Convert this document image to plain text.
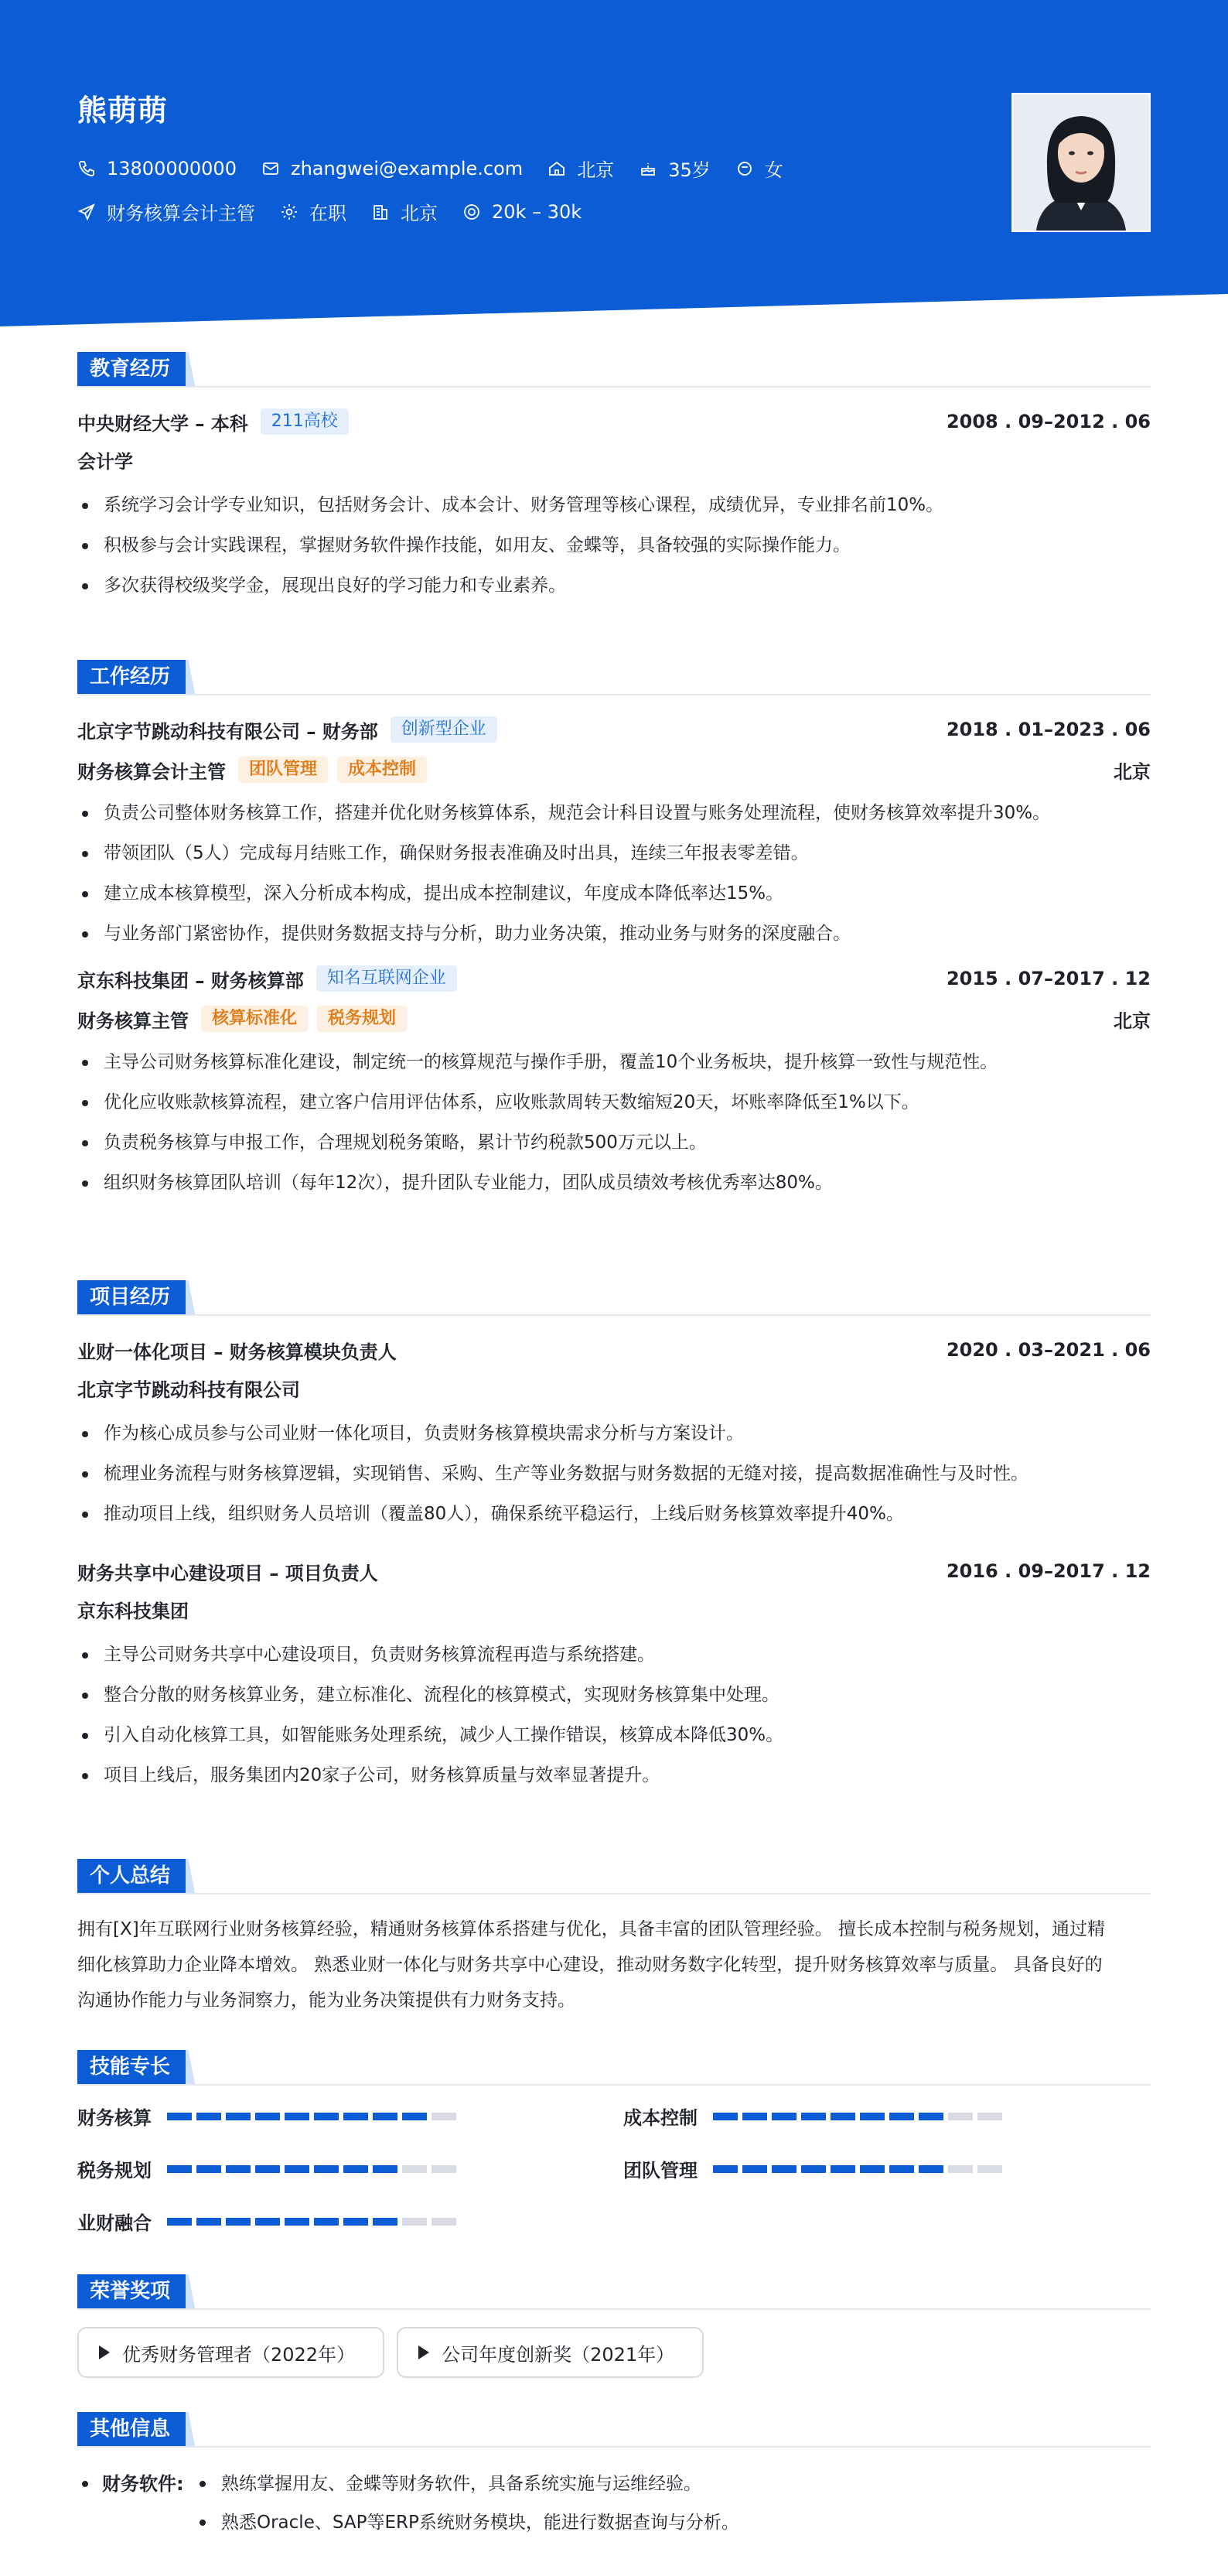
熊萌萌
13800000000	zhangwei@example.com	北京	35岁	女
财务核算会计主管	在职	北京	20k – 30k
教育经历
中央财经大学 – 本科	211高校	2008 . 09–2012 . 06
会计学
系统学习会计学专业知识，包括财务会计、成本会计、财务管理等核心课程，成绩优异，专业排名前10%。
积极参与会计实践课程，掌握财务软件操作技能，如用友、金蝶等，具备较强的实际操作能力。
多次获得校级奖学金，展现出良好的学习能力和专业素养。
工作经历
北京字节跳动科技有限公司 – 财务部	创新型企业	2018 . 01–2023 . 06
财务核算会计主管	团队管理	成本控制	北京
负责公司整体财务核算工作，搭建并优化财务核算体系，规范会计科目设置与账务处理流程，使财务核算效率提升30%。
带领团队（5人）完成每月结账工作，确保财务报表准确及时出具，连续三年报表零差错。
建立成本核算模型，深入分析成本构成，提出成本控制建议，年度成本降低率达15%。
与业务部门紧密协作，提供财务数据支持与分析，助力业务决策，推动业务与财务的深度融合。
京东科技集团 – 财务核算部	知名互联网企业	2015 . 07–2017 . 12
财务核算主管	核算标准化	税务规划	北京
主导公司财务核算标准化建设，制定统一的核算规范与操作手册，覆盖10个业务板块，提升核算一致性与规范性。
优化应收账款核算流程，建立客户信用评估体系，应收账款周转天数缩短20天，坏账率降低至1%以下。
负责税务核算与申报工作，合理规划税务策略，累计节约税款500万元以上。
组织财务核算团队培训（每年12次），提升团队专业能力，团队成员绩效考核优秀率达80%。
项目经历
业财一体化项目 – 财务核算模块负责人	2020 . 03–2021 . 06
北京字节跳动科技有限公司
作为核心成员参与公司业财一体化项目，负责财务核算模块需求分析与方案设计。
梳理业务流程与财务核算逻辑，实现销售、采购、生产等业务数据与财务数据的无缝对接，提高数据准确性与及时性。
推动项目上线，组织财务人员培训（覆盖80人），确保系统平稳运行，上线后财务核算效率提升40%。
财务共享中心建设项目 – 项目负责人	2016 . 09–2017 . 12
京东科技集团
主导公司财务共享中心建设项目，负责财务核算流程再造与系统搭建。
整合分散的财务核算业务，建立标准化、流程化的核算模式，实现财务核算集中处理。
引入自动化核算工具，如智能账务处理系统，减少人工操作错误，核算成本降低30%。
项目上线后，服务集团内20家子公司，财务核算质量与效率显著提升。
个人总结

拥有[X]年互联网行业财务核算经验，精通财务核算体系搭建与优化，具备丰富的团队管理经验。 擅长成本控制与税务规划，通过精

细化核算助力企业降本增效。 熟悉业财一体化与财务共享中心建设，推动财务数字化转型，提升财务核算效率与质量。 具备良好的

沟通协作能力与业务洞察力，能为业务决策提供有力财务支持。

技能专长
财务核算	成本控制
税务规划	团队管理
业财融合
荣誉奖项
优秀财务管理者（2022年）	公司年度创新奖（2021年）
其他信息
财务软件:	熟练掌握用友、金蝶等财务软件，具备系统实施与运维经验。
熟悉Oracle、SAP等ERP系统财务模块，能进行数据查询与分析。
